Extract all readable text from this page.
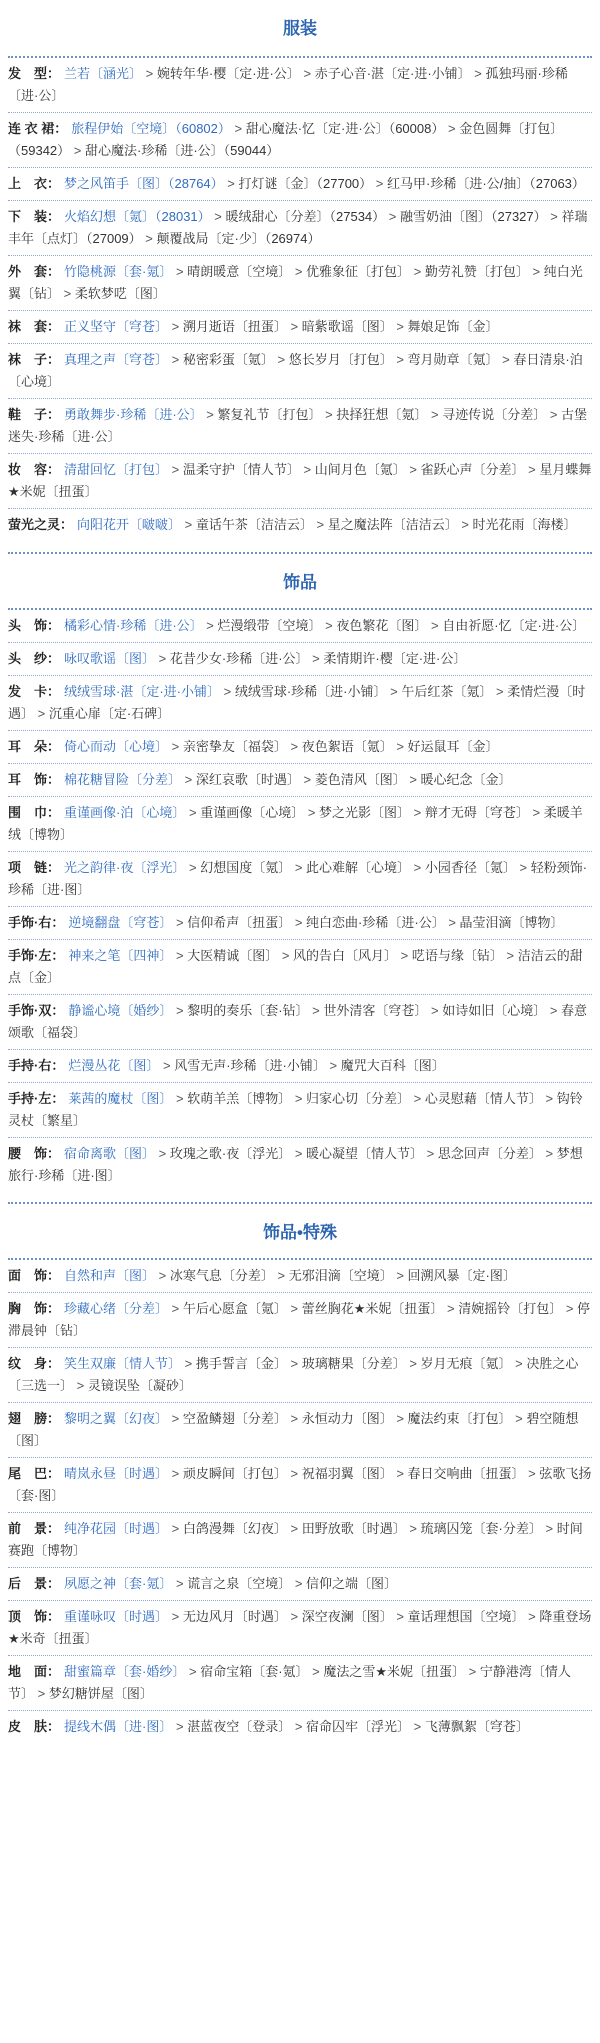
服装
发　型： 兰若〔涵光〕 > 婉转年华·樱〔定·进·公〕 > 赤子心音·湛〔定·进·小铺〕 > 孤独玛丽·珍稀〔进·公〕
连 衣 裙： 旅程伊始〔空境〕（60802） > 甜心魔法·忆〔定·进·公〕（60008） > 金色圆舞〔打包〕（59342） > 甜心魔法·珍稀〔进·公〕（59044）
上　衣： 梦之风笛手〔图〕（28764） > 打灯谜〔金〕（27700） > 红马甲·珍稀〔进·公/抽〕（27063）
下　装： 火焰幻想〔氪〕（28031） > 暖绒甜心〔分差〕（27534） > 融雪奶油〔图〕（27327） > 祥瑞丰年〔点灯〕（27009） > 颠覆战局〔定·少〕（26974）
外　套： 竹隐桃源〔套·氪〕 > 晴朗暖意〔空境〕 > 优雅象征〔打包〕 > 勤劳礼赞〔打包〕 > 纯白光翼〔钻〕 > 柔软梦呓〔图〕
袜　套： 正义坚守〔穹苍〕 > 溯月逝语〔扭蛋〕 > 暗紫歌谣〔图〕 > 舞娘足饰〔金〕
袜　子： 真理之声〔穹苍〕 > 秘密彩蛋〔氪〕 > 悠长岁月〔打包〕 > 弯月勋章〔氪〕 > 春日清泉·泊〔心境〕
鞋　子： 勇敢舞步·珍稀〔进·公〕 > 繁复礼节〔打包〕 > 抉择狂想〔氪〕 > 寻迹传说〔分差〕 > 古堡迷失·珍稀〔进·公〕
妆　容： 清甜回忆〔打包〕 > 温柔守护〔情人节〕 > 山间月色〔氪〕 > 雀跃心声〔分差〕 > 星月蝶舞★米妮〔扭蛋〕
萤光之灵： 向阳花开〔啵啵〕 > 童话午茶〔洁洁云〕 > 星之魔法阵〔洁洁云〕 > 时光花雨〔海楼〕
饰品
头　饰： 橘彩心情·珍稀〔进·公〕 > 烂漫缎带〔空境〕 > 夜色繁花〔图〕 > 自由祈愿·忆〔定·进·公〕
头　纱： 咏叹歌谣〔图〕 > 花昔少女·珍稀〔进·公〕 > 柔情期许·樱〔定·进·公〕
发　卡： 绒绒雪球·湛〔定·进·小铺〕 > 绒绒雪球·珍稀〔进·小铺〕 > 午后红茶〔氪〕 > 柔情烂漫〔时遇〕 > 沉重心扉〔定·石碑〕
耳　朵： 倚心而动〔心境〕 > 亲密挚友〔福袋〕 > 夜色絮语〔氪〕 > 好运鼠耳〔金〕
耳　饰： 棉花糖冒险〔分差〕 > 深红哀歌〔时遇〕 > 菱色清风〔图〕 > 暖心纪念〔金〕
围　巾： 重谨画像·泊〔心境〕 > 重谨画像〔心境〕 > 梦之光影〔图〕 > 辩才无碍〔穹苍〕 > 柔暖羊绒〔博物〕
项　链： 光之韵律·夜〔浮光〕 > 幻想国度〔氪〕 > 此心难解〔心境〕 > 小园香径〔氪〕 > 轻粉颈饰·珍稀〔进·图〕
手饰·右： 逆境翻盘〔穹苍〕 > 信仰希声〔扭蛋〕 > 纯白恋曲·珍稀〔进·公〕 > 晶莹泪滴〔博物〕
手饰·左： 神来之笔〔四神〕 > 大医精诚〔图〕 > 风的告白〔风月〕 > 呓语与缘〔钻〕 > 洁洁云的甜点〔金〕
手饰·双： 静谧心境〔婚纱〕 > 黎明的奏乐〔套·钻〕 > 世外清客〔穹苍〕 > 如诗如旧〔心境〕 > 春意颂歌〔福袋〕
手持·右： 烂漫丛花〔图〕 > 风雪无声·珍稀〔进·小铺〕 > 魔咒大百科〔图〕
手持·左： 莱茜的魔杖〔图〕 > 软萌羊羔〔博物〕 > 归家心切〔分差〕 > 心灵慰藉〔情人节〕 > 钩铃灵杖〔繁星〕
腰　饰： 宿命离歌〔图〕 > 玫瑰之歌·夜〔浮光〕 > 暖心凝望〔情人节〕 > 思念回声〔分差〕 > 梦想旅行·珍稀〔进·图〕
饰品•特殊
面　饰： 自然和声〔图〕 > 冰寒气息〔分差〕 > 无邪泪滴〔空境〕 > 回溯风暴〔定·图〕
胸　饰： 珍藏心绪〔分差〕 > 午后心愿盒〔氪〕 > 蕾丝胸花★米妮〔扭蛋〕 > 清婉摇铃〔打包〕 > 停滞晨钟〔钻〕
纹　身： 笑生双廉〔情人节〕 > 携手誓言〔金〕 > 玻璃糖果〔分差〕 > 岁月无痕〔氪〕 > 决胜之心〔三选一〕 > 灵镜误坠〔凝砂〕
翅　膀： 黎明之翼〔幻夜〕 > 空盈鳞翅〔分差〕 > 永恒动力〔图〕 > 魔法约束〔打包〕 > 碧空随想〔图〕
尾　巴： 晴岚永昼〔时遇〕 > 顽皮瞬间〔打包〕 > 祝福羽翼〔图〕 > 春日交响曲〔扭蛋〕 > 弦歌飞扬〔套·图〕
前　景： 纯净花园〔时遇〕 > 白鸽漫舞〔幻夜〕 > 田野放歌〔时遇〕 > 琉璃囚笼〔套·分差〕 > 时间赛跑〔博物〕
后　景： 夙愿之神〔套·氪〕 > 谎言之泉〔空境〕 > 信仰之端〔图〕
顶　饰： 重谨咏叹〔时遇〕 > 无边风月〔时遇〕 > 深空夜澜〔图〕 > 童话理想国〔空境〕 > 降重登场★米奇〔扭蛋〕
地　面： 甜蜜篇章〔套·婚纱〕 > 宿命宝箱〔套·氪〕 > 魔法之雪★米妮〔扭蛋〕 > 宁静港湾〔情人节〕 > 梦幻糖饼屋〔图〕
皮　肤： 提线木偶〔进·图〕 > 湛蓝夜空〔登录〕 > 宿命囚牢〔浮光〕 > 飞薄飘絮〔穹苍〕
